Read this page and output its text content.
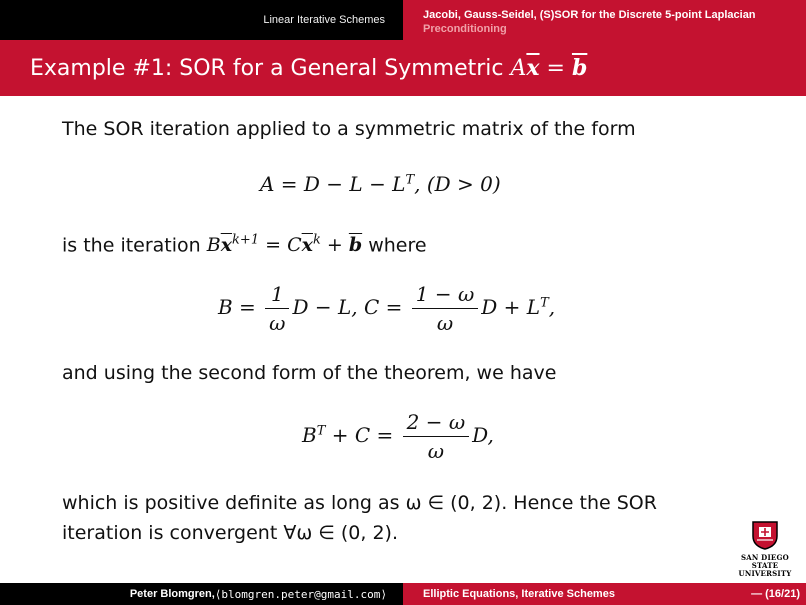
Linear Iterative Schemes	Jacobi, Gauss-Seidel, (S)SOR for the Discrete 5-point Laplacian
Preconditioning
Example #1: SOR for a General Symmetric Ax = b
The SOR iteration applied to a symmetric matrix of the form
$A = D - L - L^T$, (D > 0)
is the iteration $B\overline{x}^{k+1} = C\overline{x}^k + \overline{b}$ where
$B = \frac{1}{\omega}$ D − L, $C = \frac{1 - \omega}{\omega}$ $D + L^T$,
and using the second form of the theorem, we have
$B^T + C = \frac{2 - \omega}{\omega} D$,
which is positive definite as long as ω ∈ (0, 2). Hence the SOR
iteration is convergent ∀ω ∈ (0, 2).
SAN DIEGO STATE
UNIVERSITY
Peter Blomgren, ⟨blomgren.peter@gmail.com⟩	Elliptic Equations, Iterative Schemes	— (16/21)
